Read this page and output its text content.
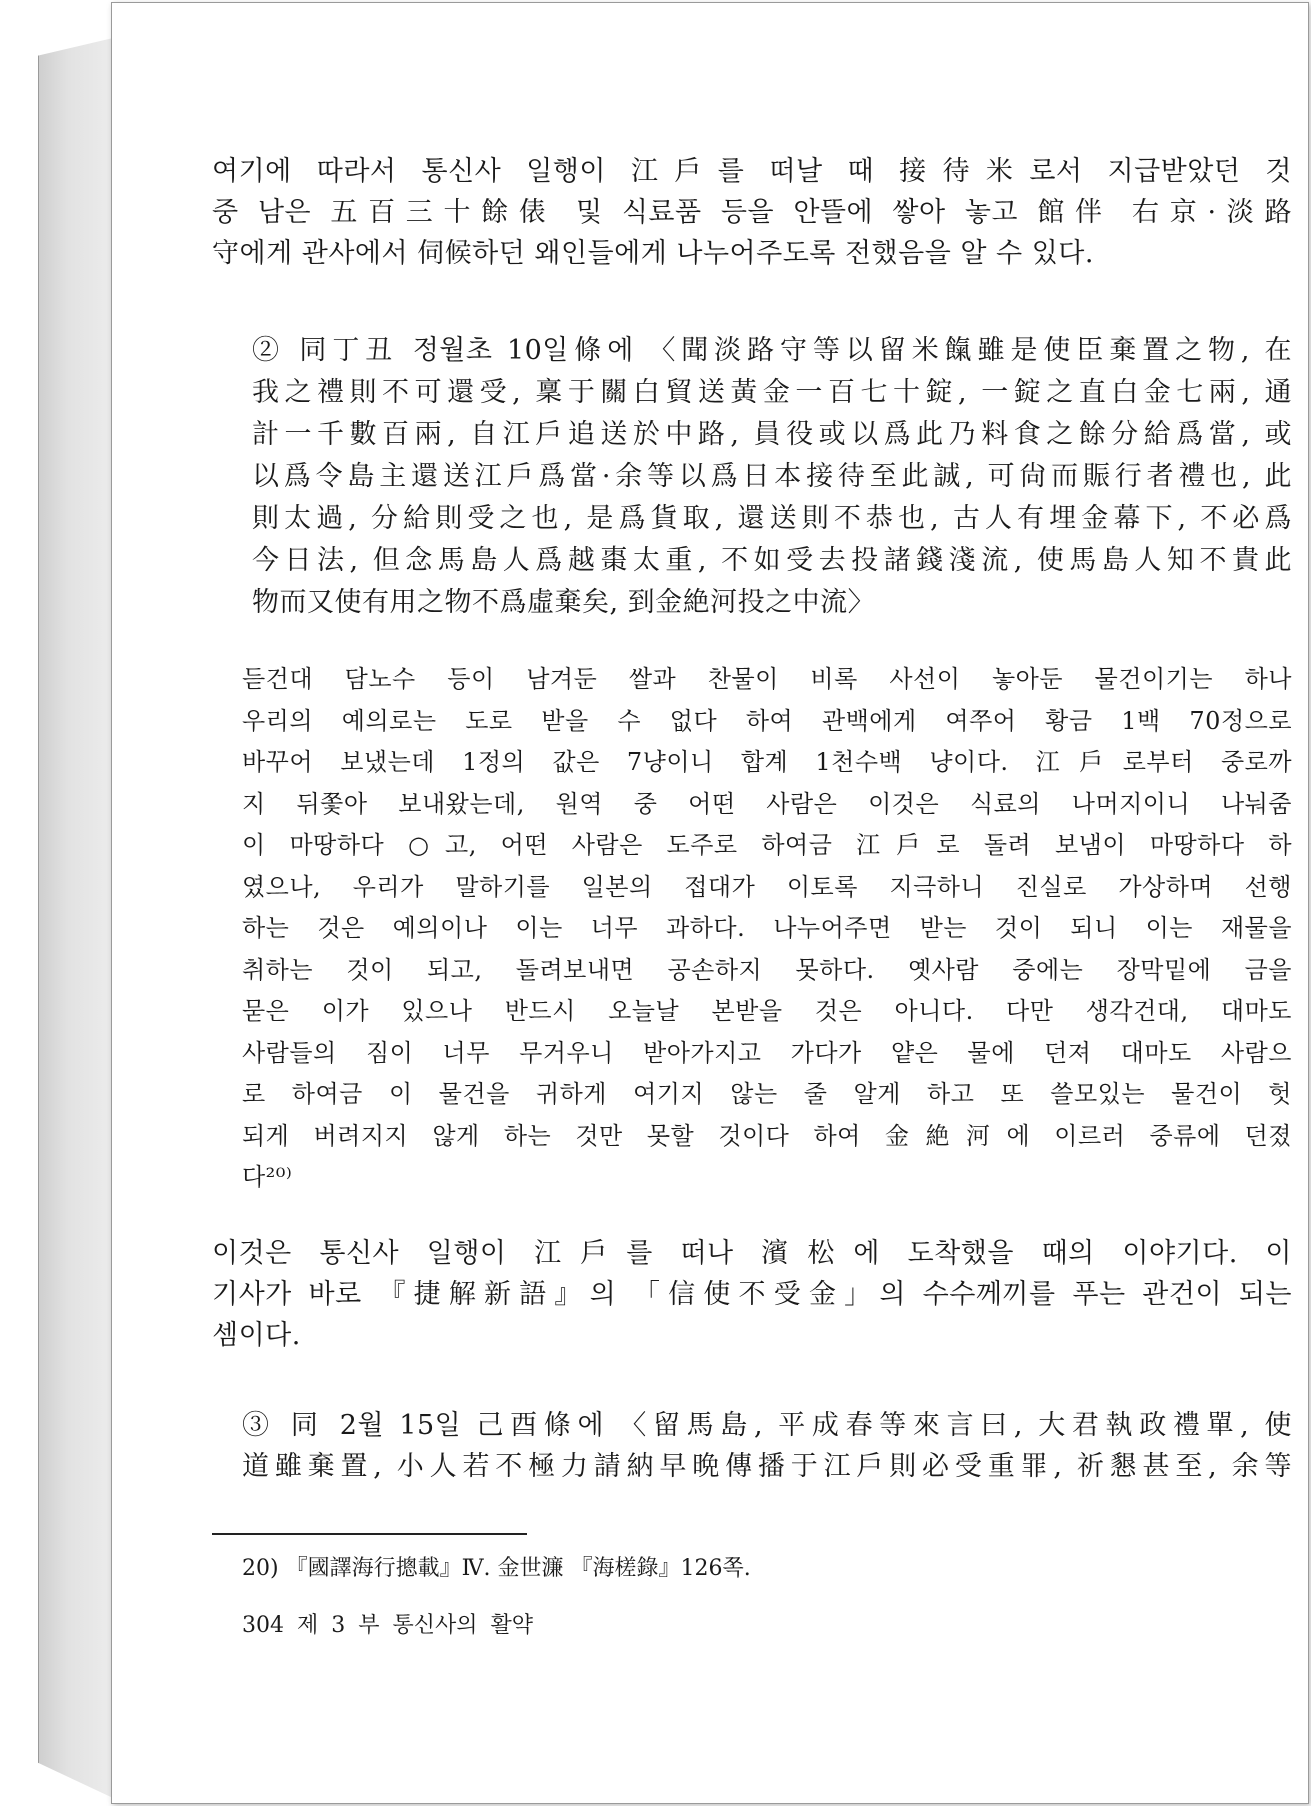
여기에 따라서 통신사 일행이 江戶를 떠날 때 接待米로서 지급받았던 것
중 남은 五百三十餘俵 및 식료품 등을 안뜰에 쌓아 놓고 館伴 右京·淡路
守에게 관사에서 伺候하던 왜인들에게 나누어주도록 전했음을 알 수 있다.
② 同丁丑 정월초 10일條에 〈聞淡路守等以留米餼雖是使臣棄置之物, 在
我之禮則不可還受, 稟于關白貿送黃金一百七十錠, 一錠之直白金七兩, 通
計一千數百兩, 自江戶追送於中路, 員役或以爲此乃料食之餘分給爲當, 或
以爲令島主還送江戶爲當·余等以爲日本接待至此誠, 可尙而賑行者禮也, 此
則太過, 分給則受之也, 是爲貨取, 還送則不恭也, 古人有埋金幕下, 不必爲
今日法, 但念馬島人爲越棗太重, 不如受去投諸錢淺流, 使馬島人知不貴此
物而又使有用之物不爲虛棄矣, 到金絶河投之中流〉
듣건대 담노수 등이 남겨둔 쌀과 찬물이 비록 사선이 놓아둔 물건이기는 하나
우리의 예의로는 도로 받을 수 없다 하여 관백에게 여쭈어 황금 1백 70정으로
바꾸어 보냈는데 1정의 값은 7냥이니 합계 1천수백 냥이다. 江戶로부터 중로까
지 뒤쫓아 보내왔는데, 원역 중 어떤 사람은 이것은 식료의 나머지이니 나눠줌
이 마땅하다 ○고, 어떤 사람은 도주로 하여금 江戶로 돌려 보냄이 마땅하다 하
였으나, 우리가 말하기를 일본의 접대가 이토록 지극하니 진실로 가상하며 선행
하는 것은 예의이나 이는 너무 과하다. 나누어주면 받는 것이 되니 이는 재물을
취하는 것이 되고, 돌려보내면 공손하지 못하다. 옛사람 중에는 장막밑에 금을
묻은 이가 있으나 반드시 오늘날 본받을 것은 아니다. 다만 생각건대, 대마도
사람들의 짐이 너무 무거우니 받아가지고 가다가 얕은 물에 던져 대마도 사람으
로 하여금 이 물건을 귀하게 여기지 않는 줄 알게 하고 또 쓸모있는 물건이 헛
되게 버려지지 않게 하는 것만 못할 것이다 하여 金絶河에 이르러 중류에 던졌
다²⁰⁾
이것은 통신사 일행이 江戶를 떠나 濱松에 도착했을 때의 이야기다. 이
기사가 바로 『捷解新語』의 「信使不受金」의 수수께끼를 푸는 관건이 되는
셈이다.
③ 同 2월 15일 己酉條에 〈留馬島, 平成春等來言曰, 大君執政禮單, 使
道雖棄置, 小人若不極力請納早晩傳播于江戶則必受重罪, 祈懇甚至, 余等
20) 『國譯海行摠載』Ⅳ. 金世濂 『海槎錄』126쪽.
304 제 3 부 통신사의 활약
